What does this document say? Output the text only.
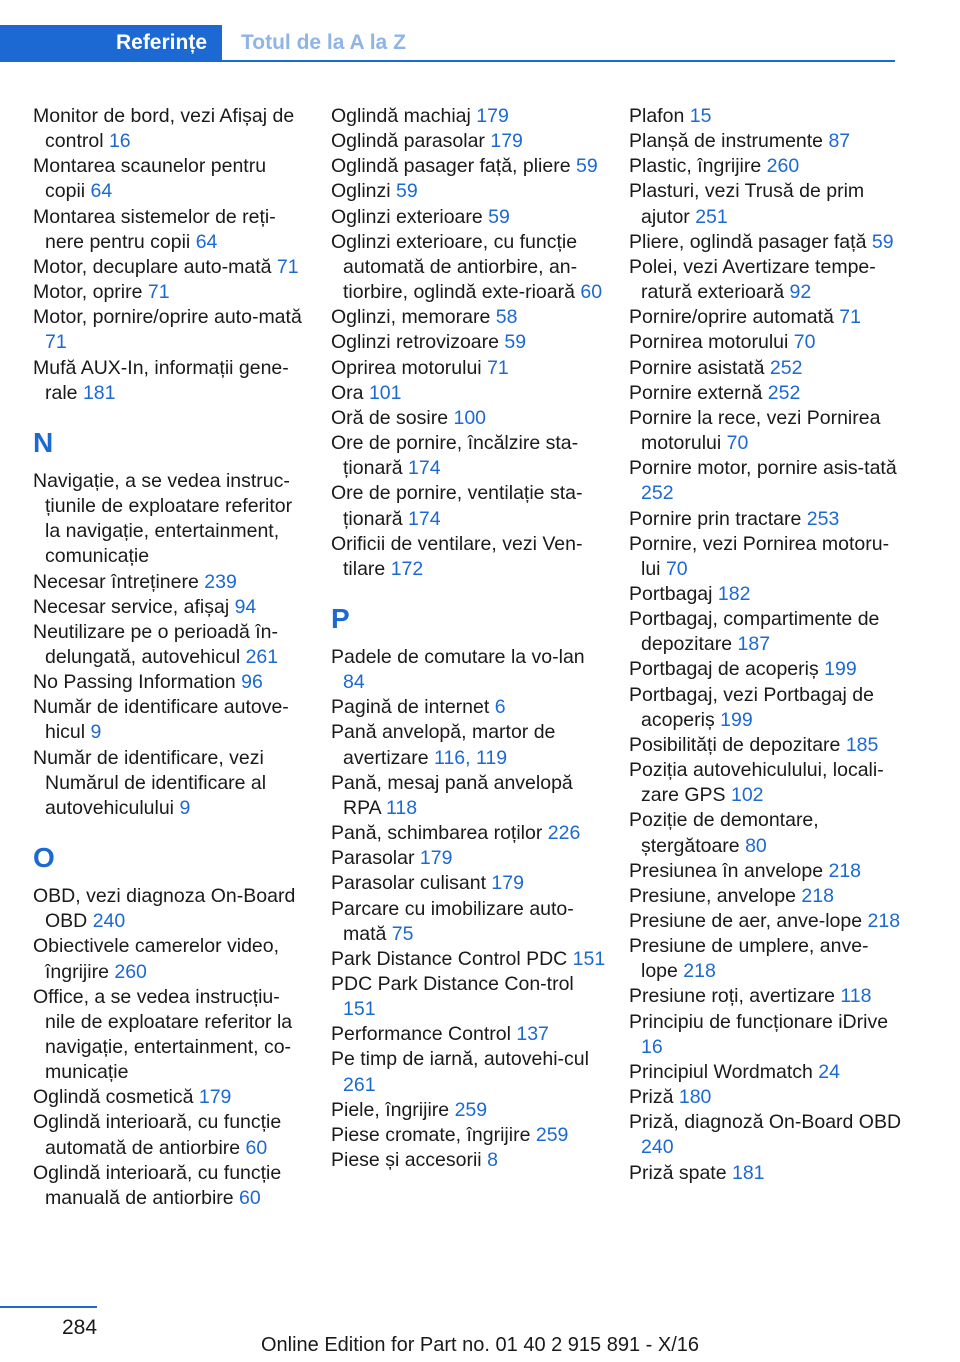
Referințe	Totul de la A la Z
Monitor de bord, vezi Afișaj de control 16
Montarea scaunelor pentru copii 64
Montarea sistemelor de reți‐nere pentru copii 64
Motor, decuplare auto‐mată 71
Motor, oprire 71
Motor, pornire/oprire auto‐mată 71
Mufă AUX-In, informații gene‐rale 181
N
Navigație, a se vedea instruc‐țiunile de exploatare referitor la navigație, entertainment, comunicație
Necesar întreținere 239
Necesar service, afișaj 94
Neutilizare pe o perioadă în‐delungată, autovehicul 261
No Passing Information 96
Număr de identificare autove‐hicul 9
Număr de identificare, vezi Numărul de identificare al autovehiculului 9
O
OBD, vezi diagnoza On-Board OBD 240
Obiectivele camerelor video, îngrijire 260
Office, a se vedea instrucțiu‐nile de exploatare referitor la navigație, entertainment, co‐municație
Oglindă cosmetică 179
Oglindă interioară, cu funcție automată de antiorbire 60
Oglindă interioară, cu funcție manuală de antiorbire 60
Oglindă machiaj 179
Oglindă parasolar 179
Oglindă pasager față, pliere 59
Oglinzi 59
Oglinzi exterioare 59
Oglinzi exterioare, cu funcție automată de antiorbire, an‐tiorbire, oglindă exte‐rioară 60
Oglinzi, memorare 58
Oglinzi retrovizoare 59
Oprirea motorului 71
Ora 101
Oră de sosire 100
Ore de pornire, încălzire sta‐ționară 174
Ore de pornire, ventilație sta‐ționară 174
Orificii de ventilare, vezi Ven‐tilare 172
P
Padele de comutare la vo‐lan 84
Pagină de internet 6
Pană anvelopă, martor de avertizare 116, 119
Pană, mesaj pană anvelopă RPA 118
Pană, schimbarea roților 226
Parasolar 179
Parasolar culisant 179
Parcare cu imobilizare auto‐mată 75
Park Distance Control PDC 151
PDC Park Distance Con‐trol 151
Performance Control 137
Pe timp de iarnă, autovehi‐cul 261
Piele, îngrijire 259
Piese cromate, îngrijire 259
Piese și accesorii 8
Plafon 15
Planșă de instrumente 87
Plastic, îngrijire 260
Plasturi, vezi Trusă de prim ajutor 251
Pliere, oglindă pasager față 59
Polei, vezi Avertizare tempe‐ratură exterioară 92
Pornire/oprire automată 71
Pornirea motorului 70
Pornire asistată 252
Pornire externă 252
Pornire la rece, vezi Pornirea motorului 70
Pornire motor, pornire asis‐tată 252
Pornire prin tractare 253
Pornire, vezi Pornirea motoru‐lui 70
Portbagaj 182
Portbagaj, compartimente de depozitare 187
Portbagaj de acoperiș 199
Portbagaj, vezi Portbagaj de acoperiș 199
Posibilități de depozitare 185
Poziția autovehiculului, locali‐zare GPS 102
Poziție de demontare, ștergătoare 80
Presiunea în anvelope 218
Presiune, anvelope 218
Presiune de aer, anve‐lope 218
Presiune de umplere, anve‐lope 218
Presiune roți, avertizare 118
Principiu de funcționare iDrive 16
Principiul Wordmatch 24
Priză 180
Priză, diagnoză On-Board OBD 240
Priză spate 181
284
Online Edition for Part no. 01 40 2 915 891 - X/16
